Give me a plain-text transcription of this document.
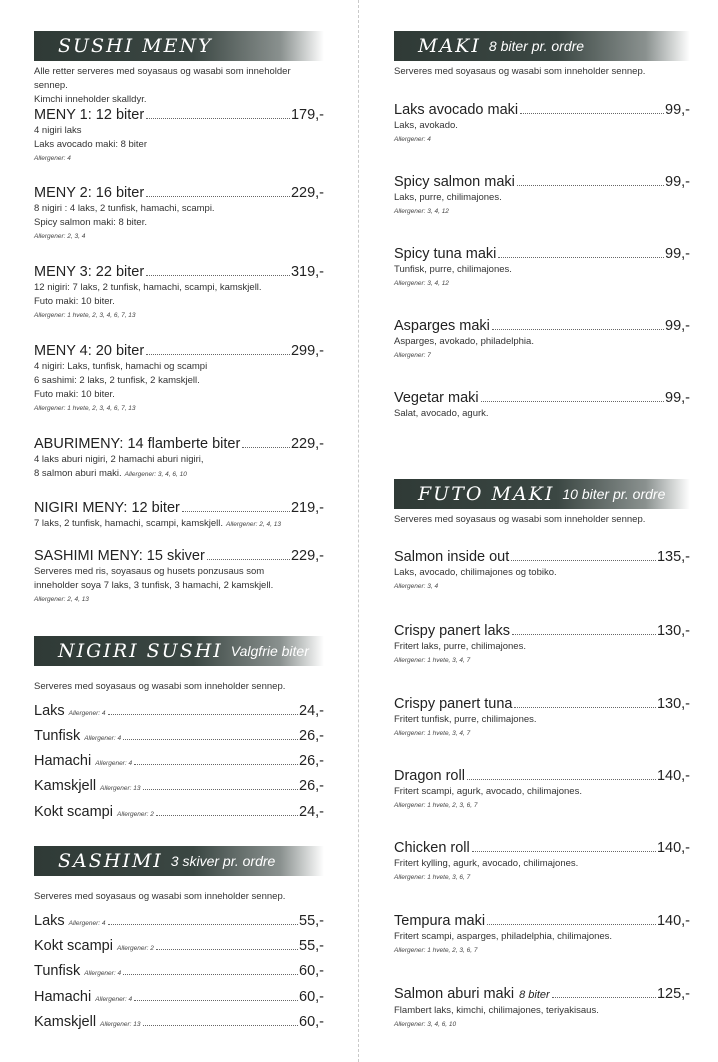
SUSHI MENY
Alle retter serveres med soyasaus og wasabi som inneholder sennep.
Kimchi inneholder skalldyr.
MENY 1: 12 biter	179,-
4 nigiri laks
Laks avocado maki: 8 biter
Allergener: 4
MENY 2: 16 biter	229,-
8 nigiri : 4 laks, 2 tunfisk, hamachi, scampi.
Spicy salmon maki: 8 biter.
Allergener: 2, 3, 4
MENY 3: 22 biter	319,-
12 nigiri: 7 laks, 2 tunfisk, hamachi, scampi, kamskjell.
Futo maki: 10 biter.
Allergener: 1 hvete, 2, 3, 4, 6, 7, 13
MENY 4: 20 biter	299,-
4 nigiri: Laks, tunfisk, hamachi og scampi
6 sashimi: 2 laks, 2 tunfisk, 2 kamskjell.
Futo maki: 10 biter.
Allergener: 1 hvete, 2, 3, 4, 6, 7, 13
ABURIMENY: 14 flamberte biter	229,-
4 laks aburi nigiri, 2 hamachi aburi nigiri,
8 salmon aburi maki. Allergener: 3, 4, 6, 10
NIGIRI MENY: 12 biter	219,-
7 laks, 2 tunfisk, hamachi, scampi, kamskjell. Allergener: 2, 4, 13
SASHIMI MENY: 15 skiver	229,-
Serveres med ris, soyasaus og husets ponzusaus som
inneholder soya 7 laks, 3 tunfisk, 3 hamachi, 2 kamskjell.
Allergener: 2, 4, 13
NIGIRI SUSHI Valgfrie biter
Serveres med soyasaus og wasabi som inneholder sennep.
Laks Allergener: 4	24,-
Tunfisk Allergener: 4	26,-
Hamachi Allergener: 4	26,-
Kamskjell Allergener: 13	26,-
Kokt scampi Allergener: 2	24,-
SASHIMI 3 skiver pr. ordre
Serveres med soyasaus og wasabi som inneholder sennep.
Laks Allergener: 4	55,-
Kokt scampi Allergener: 2	55,-
Tunfisk Allergener: 4	60,-
Hamachi Allergener: 4	60,-
Kamskjell Allergener: 13	60,-
MAKI 8 biter pr. ordre
Serveres med soyasaus og wasabi som inneholder sennep.
Laks avocado maki	99,-
Laks, avokado.
Allergener: 4
Spicy salmon maki	99,-
Laks, purre, chilimajones.
Allergener: 3, 4, 12
Spicy tuna maki	99,-
Tunfisk, purre, chilimajones.
Allergener: 3, 4, 12
Asparges maki	99,-
Asparges, avokado, philadelphia.
Allergener: 7
Vegetar maki	99,-
Salat, avocado, agurk.
FUTO MAKI 10 biter pr. ordre
Serveres med soyasaus og wasabi som inneholder sennep.
Salmon inside out	135,-
Laks, avocado, chilimajones og tobiko.
Allergener: 3, 4
Crispy panert laks	130,-
Fritert laks, purre, chilimajones.
Allergener: 1 hvete, 3, 4, 7
Crispy panert tuna	130,-
Fritert tunfisk, purre, chilimajones.
Allergener: 1 hvete, 3, 4, 7
Dragon roll	140,-
Fritert scampi, agurk, avocado, chilimajones.
Allergener: 1 hvete, 2, 3, 6, 7
Chicken roll	140,-
Fritert kylling, agurk, avocado, chilimajones.
Allergener: 1 hvete, 3, 6, 7
Tempura maki	140,-
Fritert scampi, asparges, philadelphia, chilimajones.
Allergener: 1 hvete, 2, 3, 6, 7
Salmon aburi maki 8 biter	125,-
Flambert laks, kimchi, chilimajones, teriyakisaus.
Allergener: 3, 4, 6, 10
